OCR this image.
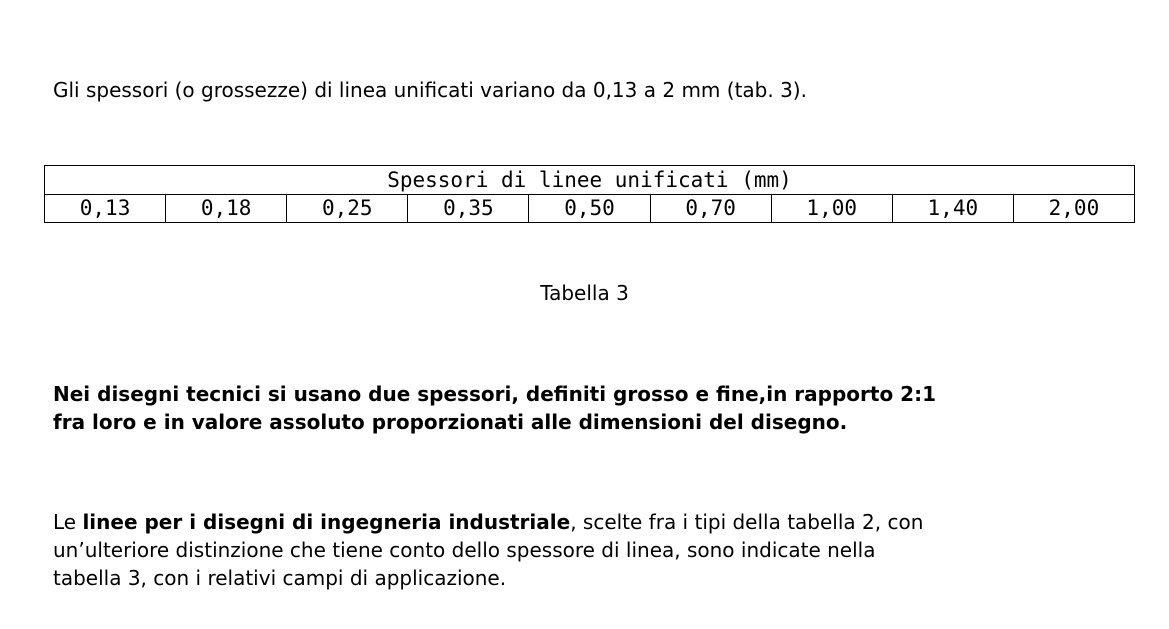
Gli spessori (o grossezze) di linea unificati variano da 0,13 a 2 mm (tab. 3).

Spessori di linee unificati (mm)
0,13	0,18	0,25	0,35	0,50	0,70	1,00	1,40	2,00
Tabella 3

Nei disegni tecnici si usano due spessori, definiti grosso e fine,in rapporto 2:1
fra loro e in valore assoluto proporzionati alle dimensioni del disegno.

Le linee per i disegni di ingegneria industriale, scelte fra i tipi della tabella 2, con
un’ulteriore distinzione che tiene conto dello spessore di linea, sono indicate nella
tabella 3, con i relativi campi di applicazione.
